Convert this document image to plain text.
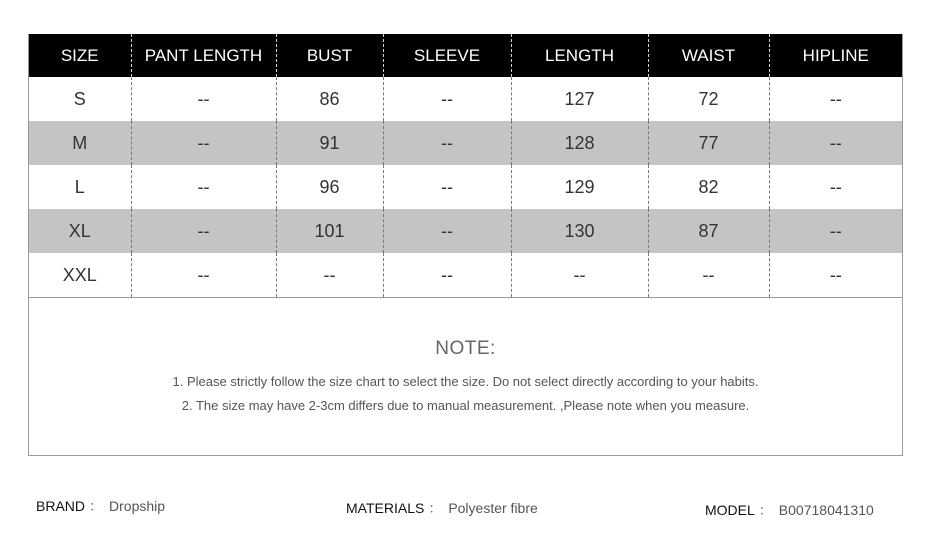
SIZE	PANT LENGTH	BUST	SLEEVE	LENGTH	WAIST	HIPLINE
S	--	86	--	127	72	--
M	--	91	--	128	77	--
L	--	96	--	129	82	--
XL	--	101	--	130	87	--
XXL	--	--	--	--	--	--
NOTE:
1. Please strictly follow the size chart to select the size. Do not select directly according to your habits.
2. The size may have 2-3cm differs due to manual measurement. ,Please note when you measure.
BRAND ： Dropship	MATERIALS ： Polyester fibre	MODEL ： B00718041310
